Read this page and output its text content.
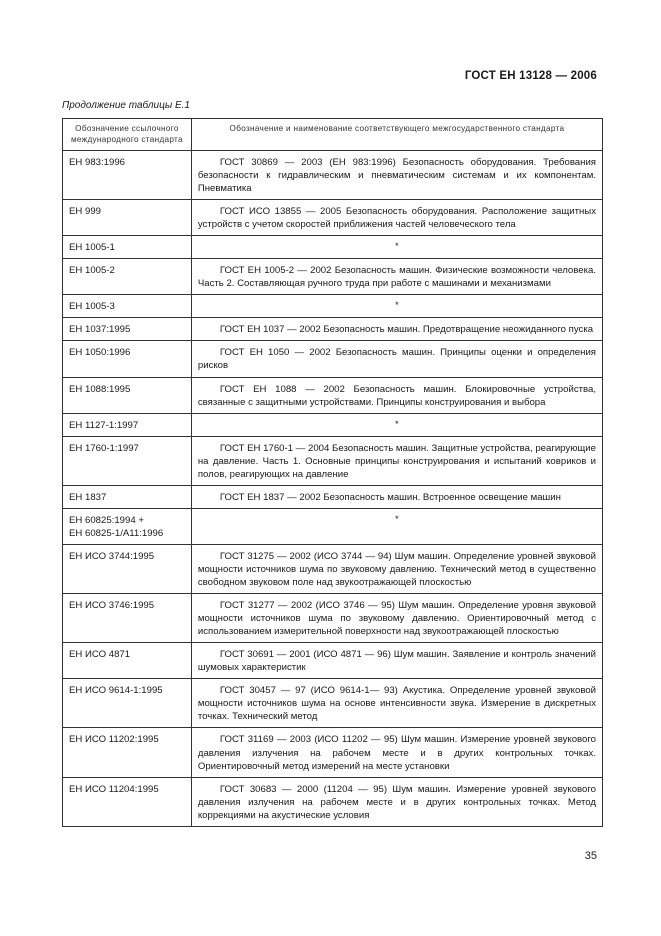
ГОСТ ЕН 13128 — 2006
Продолжение таблицы Е.1
Обозначение ссылочного международного стандарта	Обозначение и наименование соответствующего межгосударственного стандарта
ЕН 983:1996	ГОСТ 30869 — 2003 (ЕН 983:1996) Безопасность оборудования. Требования безопасности к гидравлическим и пневматическим системам и их компонентам. Пневматика
ЕН 999	ГОСТ ИСО 13855 — 2005 Безопасность оборудования. Расположение защитных устройств с учетом скоростей приближения частей человеческого тела
ЕН 1005-1	*
ЕН 1005-2	ГОСТ ЕН 1005-2 — 2002 Безопасность машин. Физические возможности человека. Часть 2. Составляющая ручного труда при работе с машинами и механизмами
ЕН 1005-3	*
ЕН 1037:1995	ГОСТ ЕН 1037 — 2002 Безопасность машин. Предотвращение неожиданного пуска
ЕН 1050:1996	ГОСТ ЕН 1050 — 2002 Безопасность машин. Принципы оценки и определения рисков
ЕН 1088:1995	ГОСТ ЕН 1088 — 2002 Безопасность машин. Блокировочные устройства, связанные с защитными устройствами. Принципы конструирования и выбора
ЕН 1127-1:1997	*
ЕН 1760-1:1997	ГОСТ ЕН 1760-1 — 2004 Безопасность машин. Защитные устройства, реагирующие на давление. Часть 1. Основные принципы конструирования и испытаний ковриков и полов, реагирующих на давление
ЕН 1837	ГОСТ ЕН 1837 — 2002 Безопасность машин. Встроенное освещение машин
ЕН 60825:1994 +
ЕН 60825-1/А11:1996	*
ЕН ИСО 3744:1995	ГОСТ 31275 — 2002 (ИСО 3744 — 94) Шум машин. Определение уровней звуковой мощности источников шума по звуковому давлению. Технический метод в существенно свободном звуковом поле над звукоотражающей плоскостью
ЕН ИСО 3746:1995	ГОСТ 31277 — 2002 (ИСО 3746 — 95) Шум машин. Определение уровня звуковой мощности источников шума по звуковому давлению. Ориентировочный метод с использованием измерительной поверхности над звукоотражающей плоскостью
ЕН ИСО 4871	ГОСТ 30691 — 2001 (ИСО 4871 — 96) Шум машин. Заявление и контроль значений шумовых характеристик
ЕН ИСО 9614-1:1995	ГОСТ 30457 — 97 (ИСО 9614-1— 93) Акустика. Определение уровней звуковой мощности источников шума на основе интенсивности звука. Измерение в дискретных точках. Технический метод
ЕН ИСО 11202:1995	ГОСТ 31169 — 2003 (ИСО 11202 — 95) Шум машин. Измерение уровней звукового давления излучения на рабочем месте и в других контрольных точках. Ориентировочный метод измерений на месте установки
ЕН ИСО 11204:1995	ГОСТ 30683 — 2000 (11204 — 95) Шум машин. Измерение уровней звукового давления излучения на рабочем месте и в других контрольных точках. Метод коррекциями на акустические условия
35
